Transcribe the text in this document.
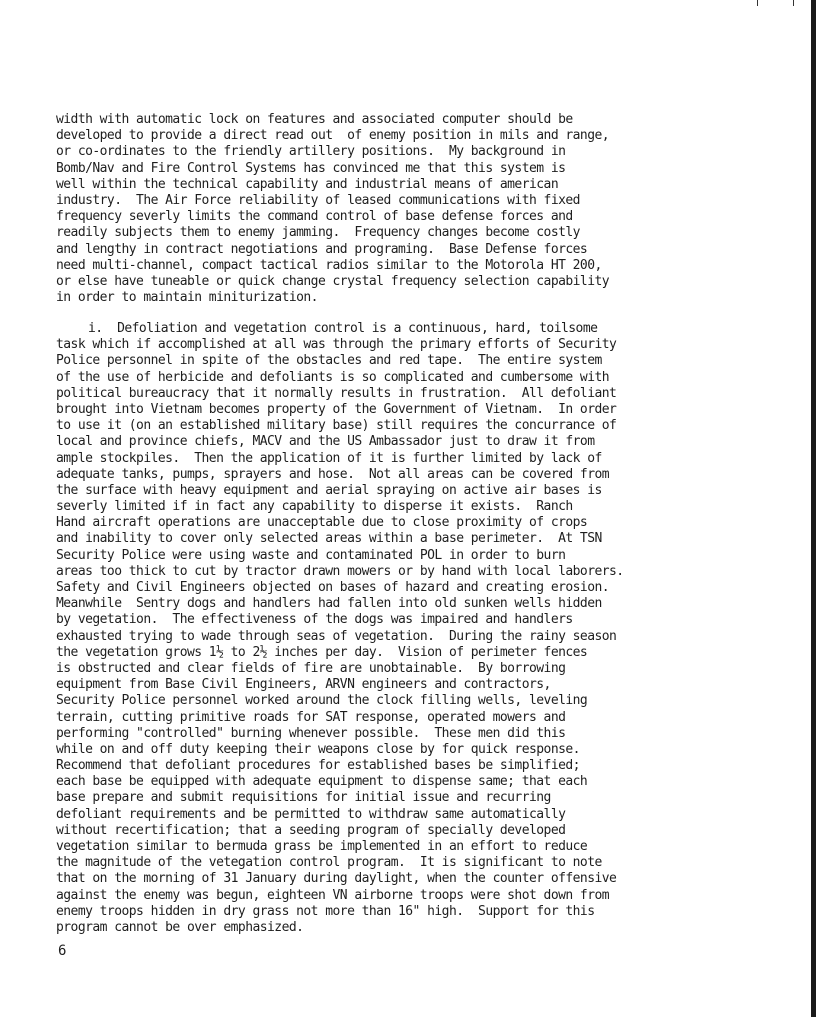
width with automatic lock on features and associated computer should be
developed to provide a direct read out  of enemy position in mils and range,
or co-ordinates to the friendly artillery positions.  My background in
Bomb/Nav and Fire Control Systems has convinced me that this system is
well within the technical capability and industrial means of american
industry.  The Air Force reliability of leased communications with fixed
frequency severly limits the command control of base defense forces and
readily subjects them to enemy jamming.  Frequency changes become costly
and lengthy in contract negotiations and programing.  Base Defense forces
need multi-channel, compact tactical radios similar to the Motorola HT 200,
or else have tuneable or quick change crystal frequency selection capability
in order to maintain miniturization.
i.  Defoliation and vegetation control is a continuous, hard, toilsome
task which if accomplished at all was through the primary efforts of Security
Police personnel in spite of the obstacles and red tape.  The entire system
of the use of herbicide and defoliants is so complicated and cumbersome with
political bureaucracy that it normally results in frustration.  All defoliant
brought into Vietnam becomes property of the Government of Vietnam.  In order
to use it (on an established military base) still requires the concurrance of
local and province chiefs, MACV and the US Ambassador just to draw it from
ample stockpiles.  Then the application of it is further limited by lack of
adequate tanks, pumps, sprayers and hose.  Not all areas can be covered from
the surface with heavy equipment and aerial spraying on active air bases is
severly limited if in fact any capability to disperse it exists.  Ranch
Hand aircraft operations are unacceptable due to close proximity of crops
and inability to cover only selected areas within a base perimeter.  At TSN
Security Police were using waste and contaminated POL in order to burn
areas too thick to cut by tractor drawn mowers or by hand with local laborers.
Safety and Civil Engineers objected on bases of hazard and creating erosion.
Meanwhile  Sentry dogs and handlers had fallen into old sunken wells hidden
by vegetation.  The effectiveness of the dogs was impaired and handlers
exhausted trying to wade through seas of vegetation.  During the rainy season
the vegetation grows 1½ to 2½ inches per day.  Vision of perimeter fences
is obstructed and clear fields of fire are unobtainable.  By borrowing
equipment from Base Civil Engineers, ARVN engineers and contractors,
Security Police personnel worked around the clock filling wells, leveling
terrain, cutting primitive roads for SAT response, operated mowers and
performing "controlled" burning whenever possible.  These men did this
while on and off duty keeping their weapons close by for quick response.
Recommend that defoliant procedures for established bases be simplified;
each base be equipped with adequate equipment to dispense same; that each
base prepare and submit requisitions for initial issue and recurring
defoliant requirements and be permitted to withdraw same automatically
without recertification; that a seeding program of specially developed
vegetation similar to bermuda grass be implemented in an effort to reduce
the magnitude of the vetegation control program.  It is significant to note
that on the morning of 31 January during daylight, when the counter offensive
against the enemy was begun, eighteen VN airborne troops were shot down from
enemy troops hidden in dry grass not more than 16" high.  Support for this
program cannot be over emphasized.
6
